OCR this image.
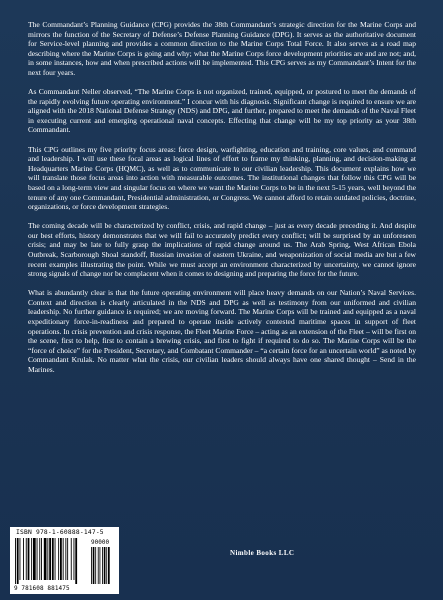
The Commandant’s Planning Guidance (CPG) provides the 38th Commandant’s strategic direction for the Marine Corps and mirrors the function of the Secretary of Defense’s Defense Planning Guidance (DPG). It serves as the authoritative document for Service-level planning and provides a common direction to the Marine Corps Total Force. It also serves as a road map describing where the Marine Corps is going and why; what the Marine Corps force development priorities are and are not; and, in some instances, how and when prescribed actions will be implemented. This CPG serves as my Commandant’s Intent for the next four years.

As Commandant Neller observed, “The Marine Corps is not organized, trained, equipped, or postured to meet the demands of the rapidly evolving future operating environment.” I concur with his diagnosis. Significant change is required to ensure we are aligned with the 2018 National Defense Strategy (NDS) and DPG, and further, prepared to meet the demands of the Naval Fleet in executing current and emerging operational naval concepts. Effecting that change will be my top priority as your 38th Commandant.

This CPG outlines my five priority focus areas: force design, warfighting, education and training, core values, and command and leadership. I will use these focal areas as logical lines of effort to frame my thinking, planning, and decision-making at Headquarters Marine Corps (HQMC), as well as to communicate to our civilian leadership. This document explains how we will translate those focus areas into action with measurable outcomes. The institutional changes that follow this CPG will be based on a long-term view and singular focus on where we want the Marine Corps to be in the next 5-15 years, well beyond the tenure of any one Commandant, Presidential administration, or Congress. We cannot afford to retain outdated policies, doctrine, organizations, or force development strategies.

The coming decade will be characterized by conflict, crisis, and rapid change – just as every decade preceding it. And despite our best efforts, history demonstrates that we will fail to accurately predict every conflict; will be surprised by an unforeseen crisis; and may be late to fully grasp the implications of rapid change around us. The Arab Spring, West African Ebola Outbreak, Scarborough Shoal standoff, Russian invasion of eastern Ukraine, and weaponization of social media are but a few recent examples illustrating the point. While we must accept an environment characterized by uncertainty, we cannot ignore strong signals of change nor be complacent when it comes to designing and preparing the force for the future.

What is abundantly clear is that the future operating environment will place heavy demands on our Nation’s Naval Services. Context and direction is clearly articulated in the NDS and DPG as well as testimony from our uniformed and civilian leadership. No further guidance is required; we are moving forward. The Marine Corps will be trained and equipped as a naval expeditionary force-in-readiness and prepared to operate inside actively contested maritime spaces in support of fleet operations. In crisis prevention and crisis response, the Fleet Marine Force – acting as an extension of the Fleet – will be first on the scene, first to help, first to contain a brewing crisis, and first to fight if required to do so. The Marine Corps will be the “force of choice” for the President, Secretary, and Combatant Commander – “a certain force for an uncertain world” as noted by Commandant Krulak. No matter what the crisis, our civilian leaders should always have one shared thought – Send in the Marines.

ISBN 978-1-60888-147-5
90000
9 781608 881475
Nimble Books LLC
